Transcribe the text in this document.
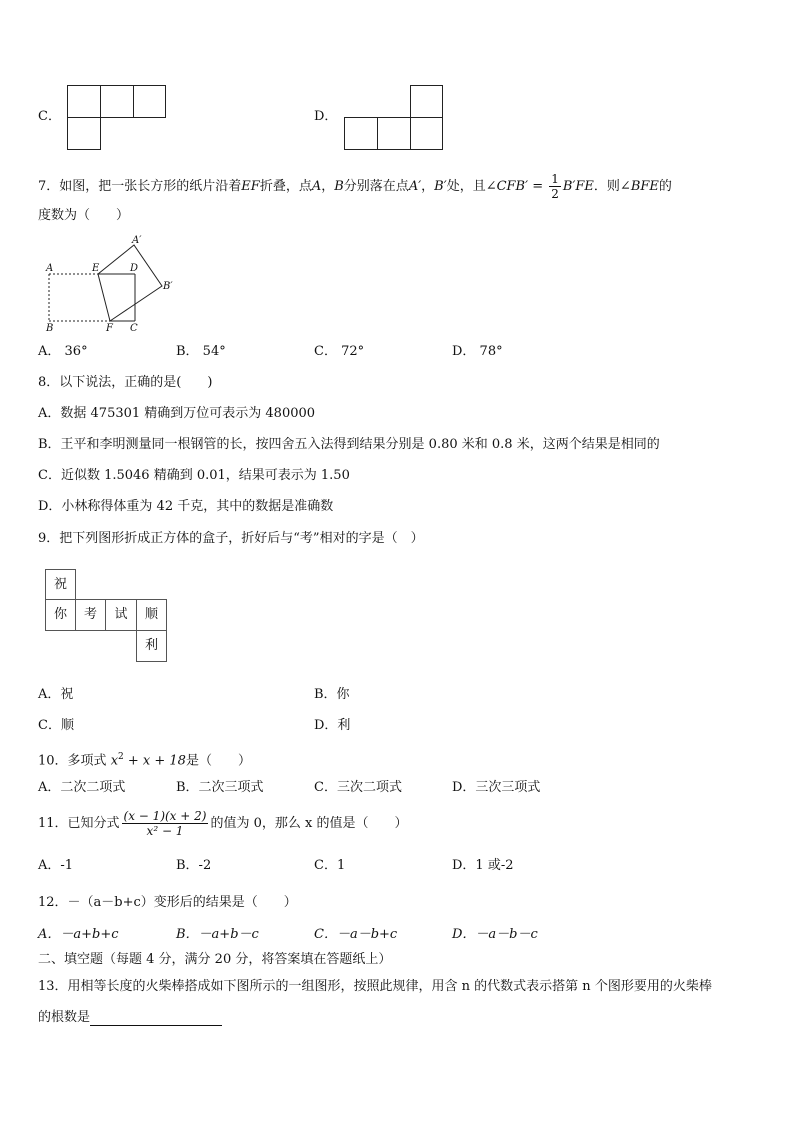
C．	D．
7．如图，把一张长方形的纸片沿着EF折叠，点A，B分别落在点A′，B′处，且∠CFB′ = $\frac{1}{2} B'FE$．则∠BFE的
度数为（　　）
A	E	D
A′
B′
B	F C
A． 36°	B． 54°	C． 72°	D． 78°
8．以下说法，正确的是(　　)
A．数据 475301 精确到万位可表示为 480000
B．王平和李明测量同一根钢管的长，按四舍五入法得到结果分别是 0.80 米和 0.8 米，这两个结果是相同的
C．近似数 1.5046 精确到 0.01，结果可表示为 1.50
D．小林称得体重为 42 千克，其中的数据是准确数
9．把下列图形折成正方体的盒子，折好后与“考”相对的字是（　）
祝
你	考	试	顺
利
A．祝	B．你
C．顺	D．利
10．多项式 $x^2 + x + 18$是（　　）
A．二次二项式	B．二次三项式	C．三次二项式	D．三次三项式
11．已知分式 $\frac{(x - 1)(x + 2)}{\text{x² − 1}}$ 的值为 0，那么 x 的值是（　　）
A．-1	B．-2	C．1	D．1 或-2
12．－（a－b+c）变形后的结果是（　　）
A．－a+b+c	B．－a+b－c	C．－a－b+c	D．－a－b－c
二、填空题（每题 4 分，满分 20 分，将答案填在答题纸上）
13．用相等长度的火柴棒搭成如下图所示的一组图形，按照此规律，用含 n 的代数式表示搭第 n 个图形要用的火柴棒
的根数是
